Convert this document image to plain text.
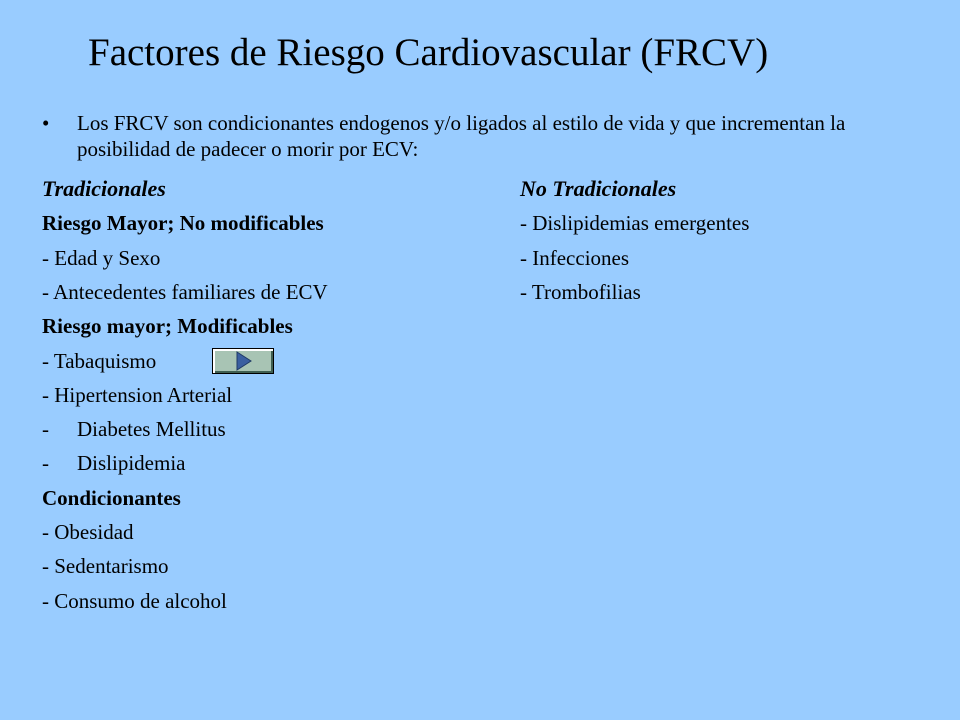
Factores de Riesgo Cardiovascular (FRCV)
• Los FRCV son condicionantes endogenos y/o ligados al estilo de vida y que incrementan la posibilidad de padecer o morir por ECV:
Tradicionales
Riesgo Mayor; No modificables
- Edad y Sexo
- Antecedentes familiares de ECV
Riesgo mayor; Modificables
- Tabaquismo
- Hipertension Arterial
- Diabetes Mellitus
- Dislipidemia
Condicionantes
- Obesidad
- Sedentarismo
- Consumo de alcohol
No Tradicionales
- Dislipidemias emergentes
- Infecciones
- Trombofilias
